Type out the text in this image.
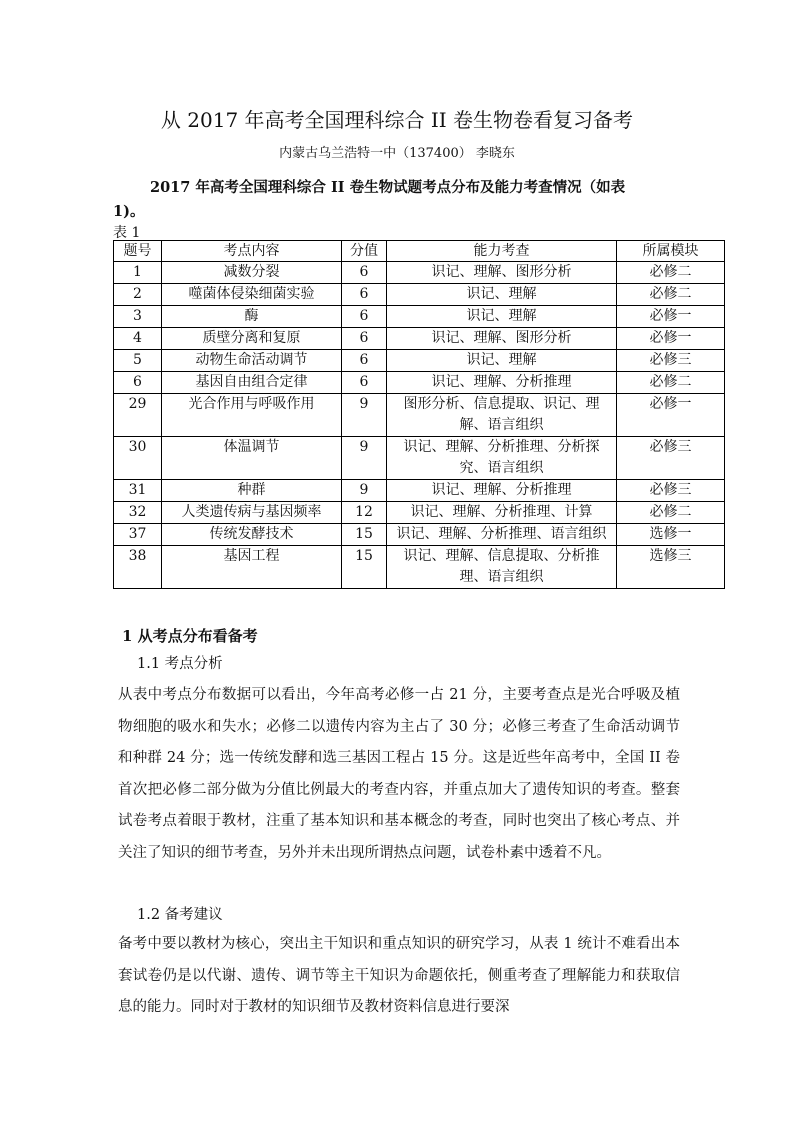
从 2017 年高考全国理科综合 II 卷生物卷看复习备考
内蒙古乌兰浩特一中（137400） 李晓东
2017 年高考全国理科综合 II 卷生物试题考点分布及能力考查情况（如表
1)。
表 1
题号	考点内容	分值	能力考查	所属模块
1	减数分裂	6	识记、理解、图形分析	必修二
2	噬菌体侵染细菌实验	6	识记、理解	必修二
3	酶	6	识记、理解	必修一
4	质壁分离和复原	6	识记、理解、图形分析	必修一
5	动物生命活动调节	6	识记、理解	必修三
6	基因自由组合定律	6	识记、理解、分析推理	必修二
29	光合作用与呼吸作用	9	图形分析、信息提取、识记、理解、语言组织	必修一
30	体温调节	9	识记、理解、分析推理、分析探究、语言组织	必修三
31	种群	9	识记、理解、分析推理	必修三
32	人类遗传病与基因频率	12	识记、理解、分析推理、计算	必修二
37	传统发酵技术	15	识记、理解、分析推理、语言组织	选修一
38	基因工程	15	识记、理解、信息提取、分析推理、语言组织	选修三
1 从考点分布看备考
1.1 考点分析
从表中考点分布数据可以看出，今年高考必修一占 21 分，主要考查点是光合呼吸及植物细胞的吸水和失水；必修二以遗传内容为主占了 30 分；必修三考查了生命活动调节和种群 24 分；选一传统发酵和选三基因工程占 15 分。这是近些年高考中，全国 II 卷首次把必修二部分做为分值比例最大的考查内容，并重点加大了遗传知识的考查。整套试卷考点着眼于教材，注重了基本知识和基本概念的考查，同时也突出了核心考点、并关注了知识的细节考查，另外并未出现所谓热点问题，试卷朴素中透着不凡。
1.2 备考建议
备考中要以教材为核心，突出主干知识和重点知识的研究学习，从表 1 统计不难看出本套试卷仍是以代谢、遗传、调节等主干知识为命题依托，侧重考查了理解能力和获取信息的能力。同时对于教材的知识细节及教材资料信息进行要深
